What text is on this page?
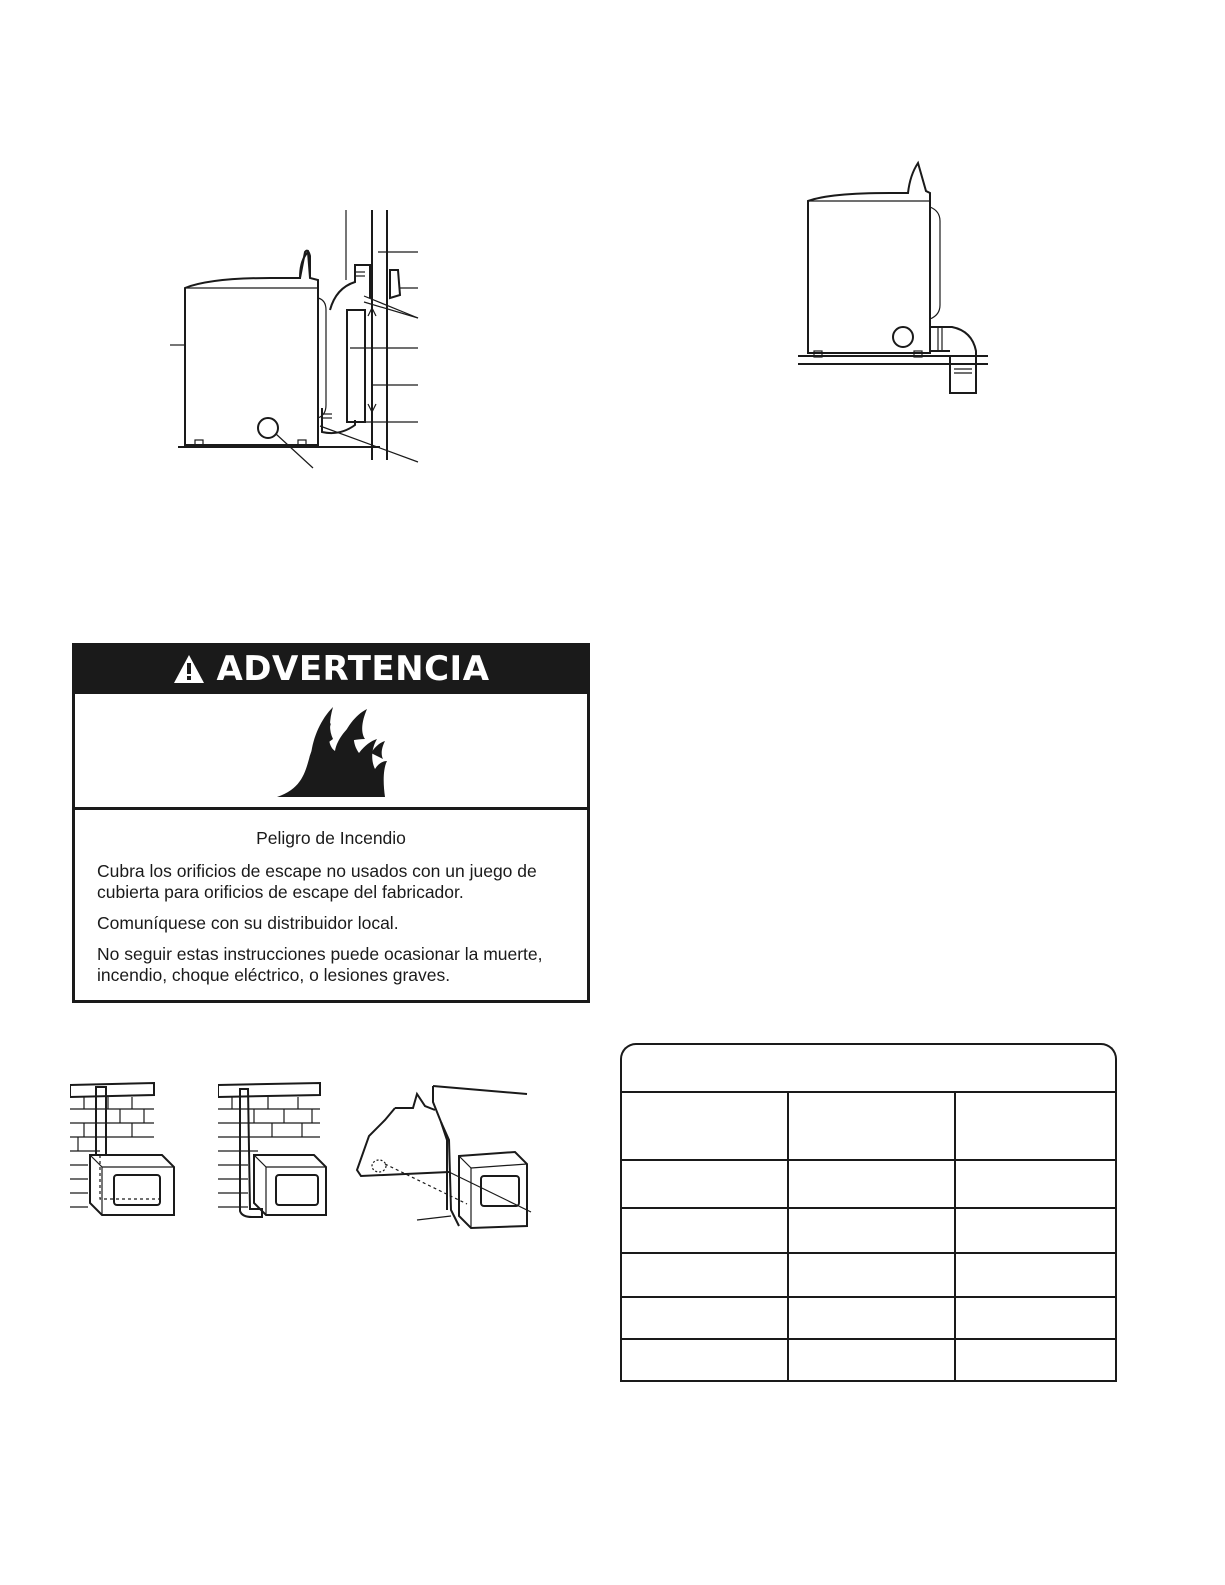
ADVERTENCIA
Peligro de Incendio

Cubra los orificios de escape no usados con un juego de cubierta para orificios de escape del fabricador.

Comuníquese con su distribuidor local.

No seguir estas instrucciones puede ocasionar la muerte, incendio, choque eléctrico, o lesiones graves.
